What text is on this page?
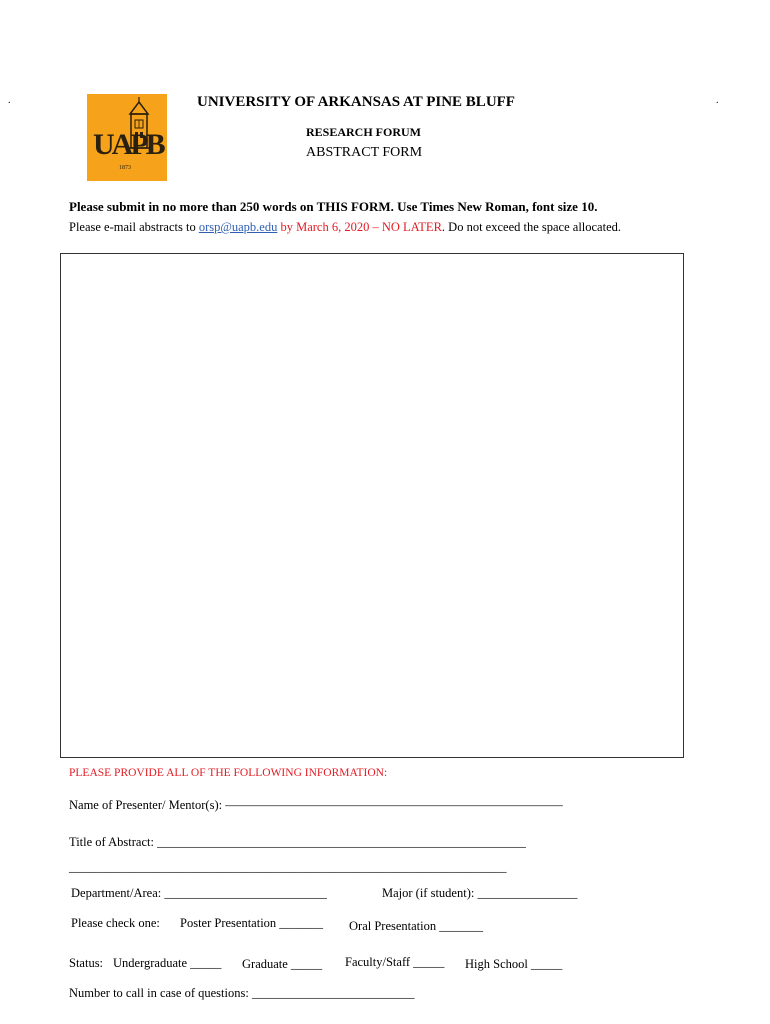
.	.
UAPB
1873
UNIVERSITY OF ARKANSAS AT PINE BLUFF
RESEARCH FORUM
ABSTRACT FORM
Please submit in no more than 250 words on THIS FORM. Use Times New Roman, font size 10.
Please e-mail abstracts to orsp@uapb.edu by March 6, 2020 – NO LATER. Do not exceed the space allocated.
PLEASE PROVIDE ALL OF THE FOLLOWING INFORMATION:
Name of Presenter/ Mentor(s): ––––––––––––––––––––––––––––––––––––––––––––––––––––––
Title of Abstract: ___________________________________________________________
______________________________________________________________________
Department/Area: __________________________	Major (if student): ________________
Please check one: Poster Presentation _______ Oral Presentation _______
Status: Undergraduate _____ Graduate _____ Faculty/Staff _____ High School _____
Number to call in case of questions: __________________________
